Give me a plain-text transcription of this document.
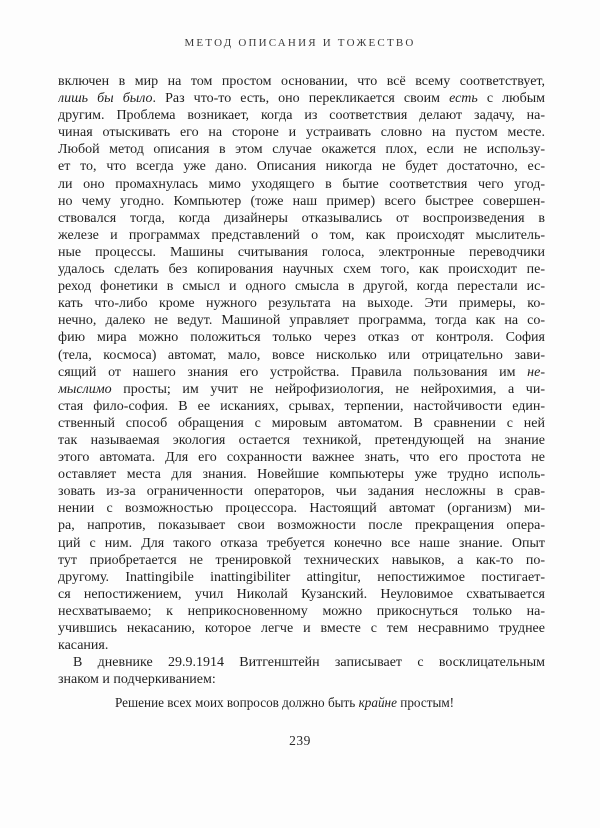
МЕТОД ОПИСАНИЯ И ТОЖЕСТВО
включен в мир на том простом основании, что всё всему соответствует,
лишь бы было. Раз что-то есть, оно перекликается своим есть с любым
другим. Проблема возникает, когда из соответствия делают задачу, на-
чиная отыскивать его на стороне и устраивать словно на пустом месте.
Любой метод описания в этом случае окажется плох, если не использу-
ет то, что всегда уже дано. Описания никогда не будет достаточно, ес-
ли оно промахнулась мимо уходящего в бытие соответствия чего угод-
но чему угодно. Компьютер (тоже наш пример) всего быстрее совершен-
ствовался тогда, когда дизайнеры отказывались от воспроизведения в
железе и программах представлений о том, как происходят мыслитель-
ные процессы. Машины считывания голоса, электронные переводчики
удалось сделать без копирования научных схем того, как происходит пе-
реход фонетики в смысл и одного смысла в другой, когда перестали ис-
кать что-либо кроме нужного результата на выходе. Эти примеры, ко-
нечно, далеко не ведут. Машиной управляет программа, тогда как на со-
фию мира можно положиться только через отказ от контроля. София
(тела, космоса) автомат, мало, вовсе нисколько или отрицательно зави-
сящий от нашего знания его устройства. Правила пользования им не-
мыслимо просты; им учит не нейрофизиология, не нейрохимия, а чи-
стая фило-софия. В ее исканиях, срывах, терпении, настойчивости един-
ственный способ обращения с мировым автоматом. В сравнении с ней
так называемая экология остается техникой, претендующей на знание
этого автомата. Для его сохранности важнее знать, что его простота не
оставляет места для знания. Новейшие компьютеры уже трудно исполь-
зовать из-за ограниченности операторов, чьи задания несложны в срав-
нении с возможностью процессора. Настоящий автомат (организм) ми-
ра, напротив, показывает свои возможности после прекращения опера-
ций с ним. Для такого отказа требуется конечно все наше знание. Опыт
тут приобретается не тренировкой технических навыков, а как-то по-
другому. Inattingibile inattingibiliter attingitur, непостижимое постигает-
ся непостижением, учил Николай Кузанский. Неуловимое схватывается
несхватываемо; к неприкосновенному можно прикоснуться только на-
учившись некасанию, которое легче и вместе с тем несравнимо труднее
касания.
В дневнике 29.9.1914 Витгенштейн записывает с восклицательным
знаком и подчеркиванием:
Решение всех моих вопросов должно быть крайне простым!
239
